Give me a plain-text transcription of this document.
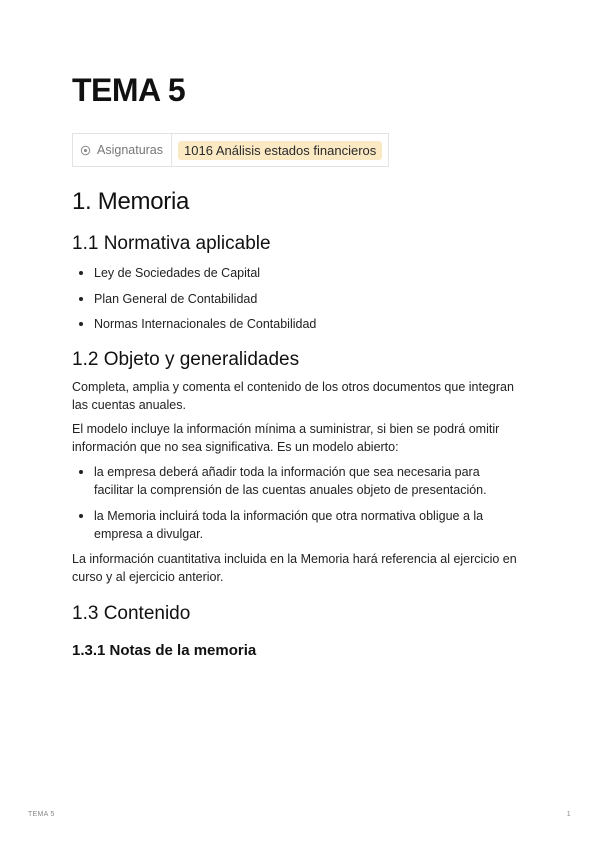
TEMA 5
Asignaturas	1016 Análisis estados financieros
1. Memoria
1.1 Normativa aplicable
Ley de Sociedades de Capital
Plan General de Contabilidad
Normas Internacionales de Contabilidad
1.2 Objeto y generalidades

Completa, amplia y comenta el contenido de los otros documentos que integran las cuentas anuales.

El modelo incluye la información mínima a suministrar, si bien se podrá omitir información que no sea significativa. Es un modelo abierto:

la empresa deberá añadir toda la información que sea necesaria para facilitar la comprensión de las cuentas anuales objeto de presentación.
la Memoria incluirá toda la información que otra normativa obligue a la empresa a divulgar.

La información cuantitativa incluida en la Memoria hará referencia al ejercicio en curso y al ejercicio anterior.

1.3 Contenido
1.3.1 Notas de la memoria
TEMA 5	1
